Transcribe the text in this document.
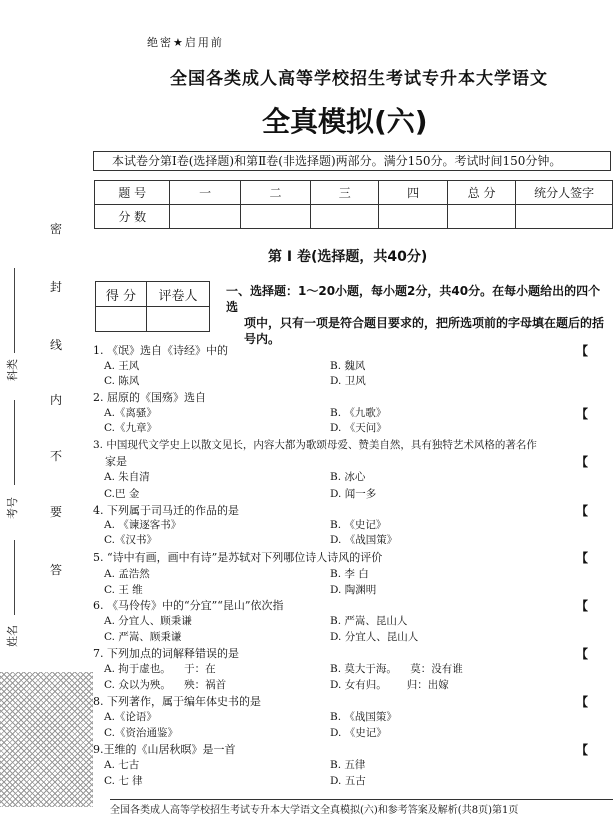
绝密★启用前
全国各类成人高等学校招生考试专升本大学语文
全真模拟(六)
本试卷分第Ⅰ卷(选择题)和第Ⅱ卷(非选择题)两部分。满分150分。考试时间150分钟。
题 号	一	二	三	四	总 分	统分人签字
分 数						
密
封
线
内
不
要
答
科类
考号
姓名
第 Ⅰ 卷(选择题，共40分)
得 分	评卷人
	一、选择题：1～20小题，每小题2分，共40分。在每小题给出的四个选
项中，只有一项是符合题目要求的，把所选项前的字母填在题后的括
号内。
1. 《氓》选自《诗经》中的	【
A. 王风	B. 魏风
C. 陈风	D. 卫风
2. 屈原的《国殇》选自
A.《离骚》	B. 《九歌》	【
C.《九章》	D. 《天问》
3. 中国现代文学史上以散文见长，内容大都为歌颂母爱、赞美自然，具有独特艺术风格的著名作
家是	【
A. 朱自清	B. 冰心
C.巴 金	D. 闻一多
4. 下列属于司马迁的作品的是	【
A. 《谏逐客书》	B. 《史记》
C.《汉书》	D. 《战国策》
5. “诗中有画，画中有诗”是苏轼对下列哪位诗人诗风的评价	【
A. 孟浩然	B. 李 白
C. 王 维	D. 陶渊明
6. 《马伶传》中的“分宜”“昆山”依次指	【
A. 分宜人、顾秉谦	B. 严嵩、昆山人
C. 严嵩、顾秉谦	D. 分宜人、昆山人
7. 下列加点的词解释错误的是	【
A. 拘于虚也。    于：在	B. 莫大于海。    莫：没有谁
C. 众以为殃。    殃：祸首	D. 女有归。      归：出嫁
8. 下列著作，属于编年体史书的是	【
A.《论语》	B. 《战国策》
C.《资治通鉴》	D. 《史记》
9.王维的《山居秋暝》是一首	【
A. 七古	B. 五律
C. 七 律	D. 五古
全国各类成人高等学校招生考试专升本大学语文全真模拟(六)和参考答案及解析(共8页)第1页
